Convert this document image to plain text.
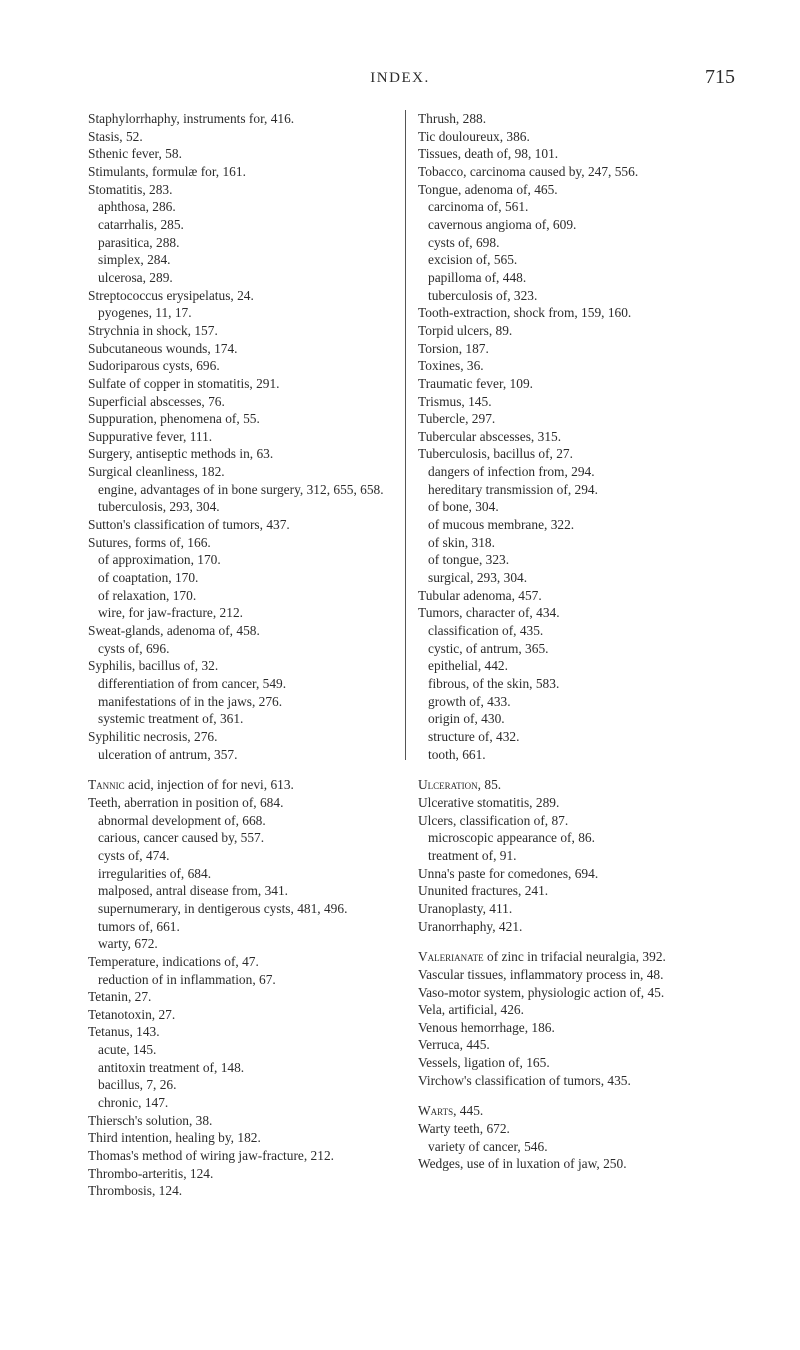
INDEX.	715
Staphylorrhaphy, instruments for, 416.
Stasis, 52.
Sthenic fever, 58.
Stimulants, formulæ for, 161.
Stomatitis, 283.
aphthosa, 286.
catarrhalis, 285.
parasitica, 288.
simplex, 284.
ulcerosa, 289.
Streptococcus erysipelatus, 24.
pyogenes, 11, 17.
Strychnia in shock, 157.
Subcutaneous wounds, 174.
Sudoriparous cysts, 696.
Sulfate of copper in stomatitis, 291.
Superficial abscesses, 76.
Suppuration, phenomena of, 55.
Suppurative fever, 111.
Surgery, antiseptic methods in, 63.
Surgical cleanliness, 182.
engine, advantages of in bone surgery, 312, 655, 658.
tuberculosis, 293, 304.
Sutton's classification of tumors, 437.
Sutures, forms of, 166.
of approximation, 170.
of coaptation, 170.
of relaxation, 170.
wire, for jaw-fracture, 212.
Sweat-glands, adenoma of, 458.
cysts of, 696.
Syphilis, bacillus of, 32.
differentiation of from cancer, 549.
manifestations of in the jaws, 276.
systemic treatment of, 361.
Syphilitic necrosis, 276.
ulceration of antrum, 357.
Tannic acid, injection of for nevi, 613.
Teeth, aberration in position of, 684.
abnormal development of, 668.
carious, cancer caused by, 557.
cysts of, 474.
irregularities of, 684.
malposed, antral disease from, 341.
supernumerary, in dentigerous cysts, 481, 496.
tumors of, 661.
warty, 672.
Temperature, indications of, 47.
reduction of in inflammation, 67.
Tetanin, 27.
Tetanotoxin, 27.
Tetanus, 143.
acute, 145.
antitoxin treatment of, 148.
bacillus, 7, 26.
chronic, 147.
Thiersch's solution, 38.
Third intention, healing by, 182.
Thomas's method of wiring jaw-fracture, 212.
Thrombo-arteritis, 124.
Thrombosis, 124.
Thrush, 288.
Tic douloureux, 386.
Tissues, death of, 98, 101.
Tobacco, carcinoma caused by, 247, 556.
Tongue, adenoma of, 465.
carcinoma of, 561.
cavernous angioma of, 609.
cysts of, 698.
excision of, 565.
papilloma of, 448.
tuberculosis of, 323.
Tooth-extraction, shock from, 159, 160.
Torpid ulcers, 89.
Torsion, 187.
Toxines, 36.
Traumatic fever, 109.
Trismus, 145.
Tubercle, 297.
Tubercular abscesses, 315.
Tuberculosis, bacillus of, 27.
dangers of infection from, 294.
hereditary transmission of, 294.
of bone, 304.
of mucous membrane, 322.
of skin, 318.
of tongue, 323.
surgical, 293, 304.
Tubular adenoma, 457.
Tumors, character of, 434.
classification of, 435.
cystic, of antrum, 365.
epithelial, 442.
fibrous, of the skin, 583.
growth of, 433.
origin of, 430.
structure of, 432.
tooth, 661.
Ulceration, 85.
Ulcerative stomatitis, 289.
Ulcers, classification of, 87.
microscopic appearance of, 86.
treatment of, 91.
Unna's paste for comedones, 694.
Ununited fractures, 241.
Uranoplasty, 411.
Uranorrhaphy, 421.
Valerianate of zinc in trifacial neuralgia, 392.
Vascular tissues, inflammatory process in, 48.
Vaso-motor system, physiologic action of, 45.
Vela, artificial, 426.
Venous hemorrhage, 186.
Verruca, 445.
Vessels, ligation of, 165.
Virchow's classification of tumors, 435.
Warts, 445.
Warty teeth, 672.
variety of cancer, 546.
Wedges, use of in luxation of jaw, 250.
